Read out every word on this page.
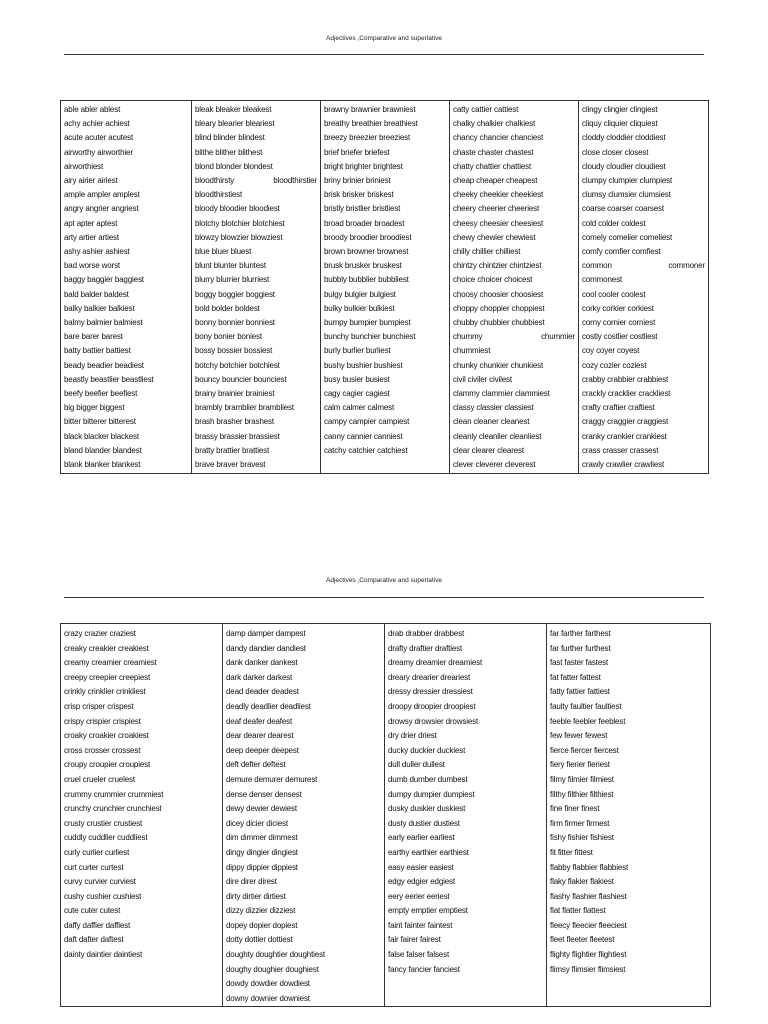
Adjectives ,Comparative and superlative
able abler ablest
achy achier achiest
acute acuter acutest
airworthy airworthier
airworthiest
airy airier airiest
ample ampler amplest
angry angrier angriest
apt apter aptest
arty artier artiest
ashy ashier ashiest
bad worse worst
baggy baggier baggiest
bald balder baldest
balky balkier balkiest
balmy balmier balmiest
bare barer barest
batty battier battiest
beady beadier beadiest
beastly beastlier beastliest
beefy beefier beefiest
big bigger biggest
bitter bitterer bitterest
black blacker blackest
bland blander blandest
blank blanker blankest

bleak bleaker bleakest
bleary blearier bleariest
blind blinder blindest
blithe blither blithest
blond blonder blondest
bloodthirsty	bloodthirstier
bloodthirstiest
bloody bloodier bloodiest
blotchy blotchier blotchiest
blowzy blowzier blowziest
blue bluer bluest
blunt blunter bluntest
blurry blurrier blurriest
boggy boggier boggiest
bold bolder boldest
bonny bonnier bonniest
bony bonier boniest
bossy bossier bossiest
botchy botchier botchiest
bouncy bouncier bounciest
brainy brainier brainiest
brambly bramblier brambliest
brash brasher brashest
brassy brassier brassiest
bratty brattier brattiest
brave braver bravest

brawny brawnier brawniest
breathy breathier breathiest
breezy breezier breeziest
brief briefer briefest
bright brighter brightest
briny brinier briniest
brisk brisker briskest
bristly bristlier bristliest
broad broader broadest
broody broodier broodiest
brown browner brownest
brusk brusker bruskest
bubbly bubblier bubbliest
bulgy bulgier bulgiest
bulky bulkier bulkiest
bumpy bumpier bumpiest
bunchy bunchier bunchiest
burly burlier burliest
bushy bushier bushiest
busy busier busiest
cagy cagier cagiest
calm calmer calmest
campy campier campiest
canny cannier canniest
catchy catchier catchiest

catty cattier cattiest
chalky chalkier chalkiest
chancy chancier chanciest
chaste chaster chastest
chatty chattier chattiest
cheap cheaper cheapest
cheeky cheekier cheekiest
cheery cheerier cheeriest
cheesy cheesier cheesiest
chewy chewier chewiest
chilly chillier chilliest
chintzy chintzier chintziest
choice choicer choicest
choosy choosier choosiest
choppy choppier choppiest
chubby chubbier chubbiest
chummy	chummier
chummiest
chunky chunkier chunkiest
civil civiler civilest
clammy clammier clammiest
classy classier classiest
clean cleaner cleanest
cleanly cleanlier cleanliest
clear clearer clearest
clever cleverer cleverest

clingy clingier clingiest
cliquy cliquier cliquiest
cloddy cloddier cloddiest
close closer closest
cloudy cloudier cloudiest
clumpy clumpier clumpiest
clumsy clumsier clumsiest
coarse coarser coarsest
cold colder coldest
comely comelier comeliest
comfy comfier comfiest
common	commoner
commonest
cool cooler coolest
corky corkier corkiest
corny cornier corniest
costly costlier costliest
coy coyer coyest
cozy cozier coziest
crabby crabbier crabbiest
crackly cracklier crackliest
crafty craftier craftiest
craggy craggier craggiest
cranky crankier crankiest
crass crasser crassest
crawly crawlier crawliest
Adjectives ,Comparative and superlative
crazy crazier craziest
creaky creakier creakiest
creamy creamier creamiest
creepy creepier creepiest
crinkly crinklier crinkliest
crisp crisper crispest
crispy crispier crispiest
croaky croakier croakiest
cross crosser crossest
croupy croupier croupiest
cruel crueler cruelest
crummy crummier crummiest
crunchy crunchier crunchiest
crusty crustier crustiest
cuddly cuddlier cuddliest
curly curlier curliest
curt curter curtest
curvy curvier curviest
cushy cushier cushiest
cute cuter cutest
daffy daffier daffiest
daft dafter daftest
dainty daintier daintiest

damp damper dampest
dandy dandier dandiest
dank danker dankest
dark darker darkest
dead deader deadest
deadly deadlier deadliest
deaf deafer deafest
dear dearer dearest
deep deeper deepest
deft defter deftest
demure demurer demurest
dense denser densest
dewy dewier dewiest
dicey dicier diciest
dim dimmer dimmest
dingy dingier dingiest
dippy dippier dippiest
dire direr direst
dirty dirtier dirtiest
dizzy dizzier dizziest
dopey dopier dopiest
dotty dottier dottiest
doughty doughtier doughtiest
doughy doughier doughiest
dowdy dowdier dowdiest
downy downier downiest

drab drabber drabbest
drafty draftier draftiest
dreamy dreamier dreamiest
dreary drearier dreariest
dressy dressier dressiest
droopy droopier droopiest
drowsy drowsier drowsiest
dry drier driest
ducky duckier duckiest
dull duller dullest
dumb dumber dumbest
dumpy dumpier dumpiest
dusky duskier duskiest
dusty dustier dustiest
early earlier earliest
earthy earthier earthiest
easy easier easiest
edgy edgier edgiest
eery eerier eeriest
empty emptier emptiest
faint fainter faintest
fair fairer fairest
false falser falsest
fancy fancier fanciest

far farther farthest
far further furthest
fast faster fastest
fat fatter fattest
fatty fattier fattiest
faulty faultier faultiest
feeble feebler feeblest
few fewer fewest
fierce fiercer fiercest
fiery fierier fieriest
filmy filmier filmiest
filthy filthier filthiest
fine finer finest
firm firmer firmest
fishy fishier fishiest
fit fitter fittest
flabby flabbier flabbiest
flaky flakier flakiest
flashy flashier flashiest
flat flatter flattest
fleecy fleecier fleeciest
fleet fleeter fleetest
flighty flightier flightiest
flimsy flimsier flimsiest
